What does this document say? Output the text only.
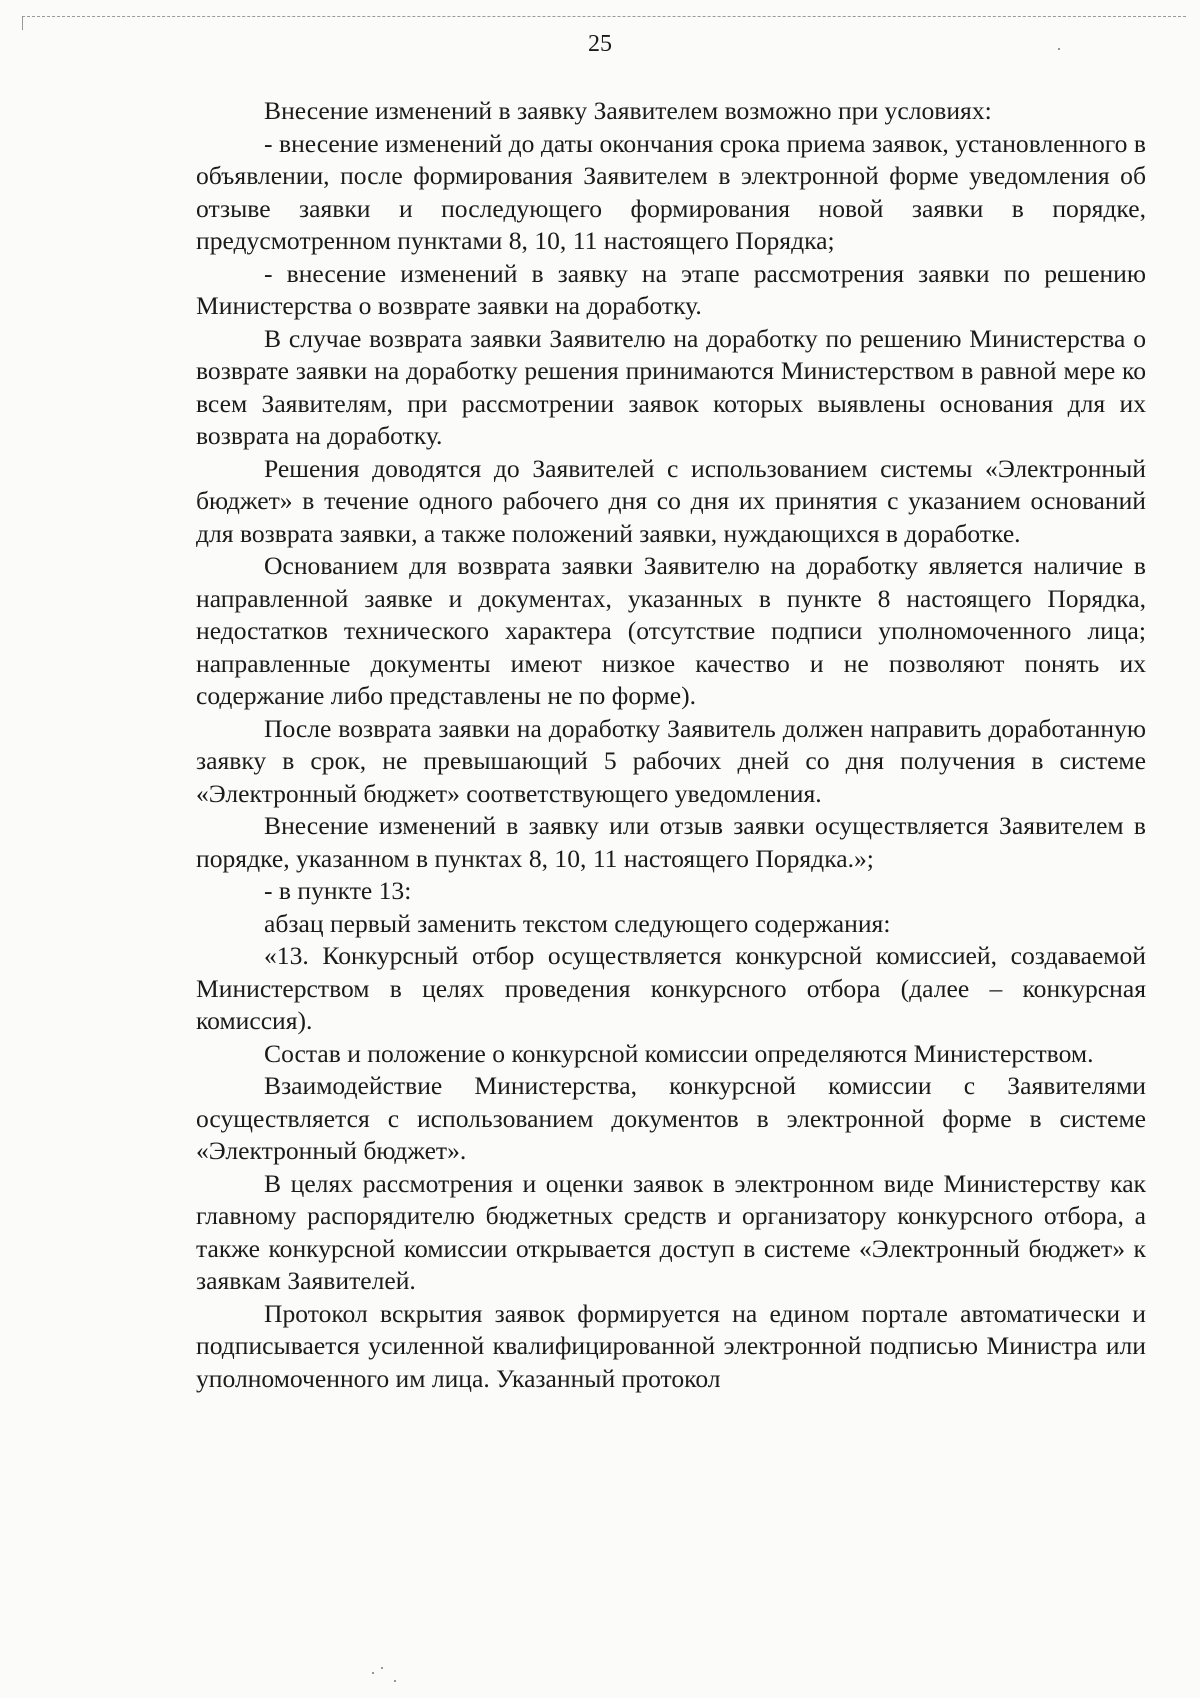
25

Внесение изменений в заявку Заявителем возможно при условиях:

- внесение изменений до даты окончания срока приема заявок, установленного в объявлении, после формирования Заявителем в электронной форме уведомления об отзыве заявки и последующего формирования новой заявки в порядке, предусмотренном пунктами 8, 10, 11 настоящего Порядка;

- внесение изменений в заявку на этапе рассмотрения заявки по решению Министерства о возврате заявки на доработку.

В случае возврата заявки Заявителю на доработку по решению Министерства о возврате заявки на доработку решения принимаются Министерством в равной мере ко всем Заявителям, при рассмотрении заявок которых выявлены основания для их возврата на доработку.

Решения доводятся до Заявителей с использованием системы «Электронный бюджет» в течение одного рабочего дня со дня их принятия с указанием оснований для возврата заявки, а также положений заявки, нуждающихся в доработке.

Основанием для возврата заявки Заявителю на доработку является наличие в направленной заявке и документах, указанных в пункте 8 настоящего Порядка, недостатков технического характера (отсутствие подписи уполномоченного лица; направленные документы имеют низкое качество и не позволяют понять их содержание либо представлены не по форме).

После возврата заявки на доработку Заявитель должен направить доработанную заявку в срок, не превышающий 5 рабочих дней со дня получения в системе «Электронный бюджет» соответствующего уведомления.

Внесение изменений в заявку или отзыв заявки осуществляется Заявителем в порядке, указанном в пунктах 8, 10, 11 настоящего Порядка.»;

- в пункте 13:

абзац первый заменить текстом следующего содержания:

«13. Конкурсный отбор осуществляется конкурсной комиссией, создаваемой Министерством в целях проведения конкурсного отбора (далее – конкурсная комиссия).

Состав и положение о конкурсной комиссии определяются Министерством.

Взаимодействие Министерства, конкурсной комиссии с Заявителями осуществляется с использованием документов в электронной форме в системе «Электронный бюджет».

В целях рассмотрения и оценки заявок в электронном виде Министерству как главному распорядителю бюджетных средств и организатору конкурсного отбора, а также конкурсной комиссии открывается доступ в системе «Электронный бюджет» к заявкам Заявителей.

Протокол вскрытия заявок формируется на едином портале автоматически и подписывается усиленной квалифицированной электронной подписью Министра или уполномоченного им лица. Указанный протокол
